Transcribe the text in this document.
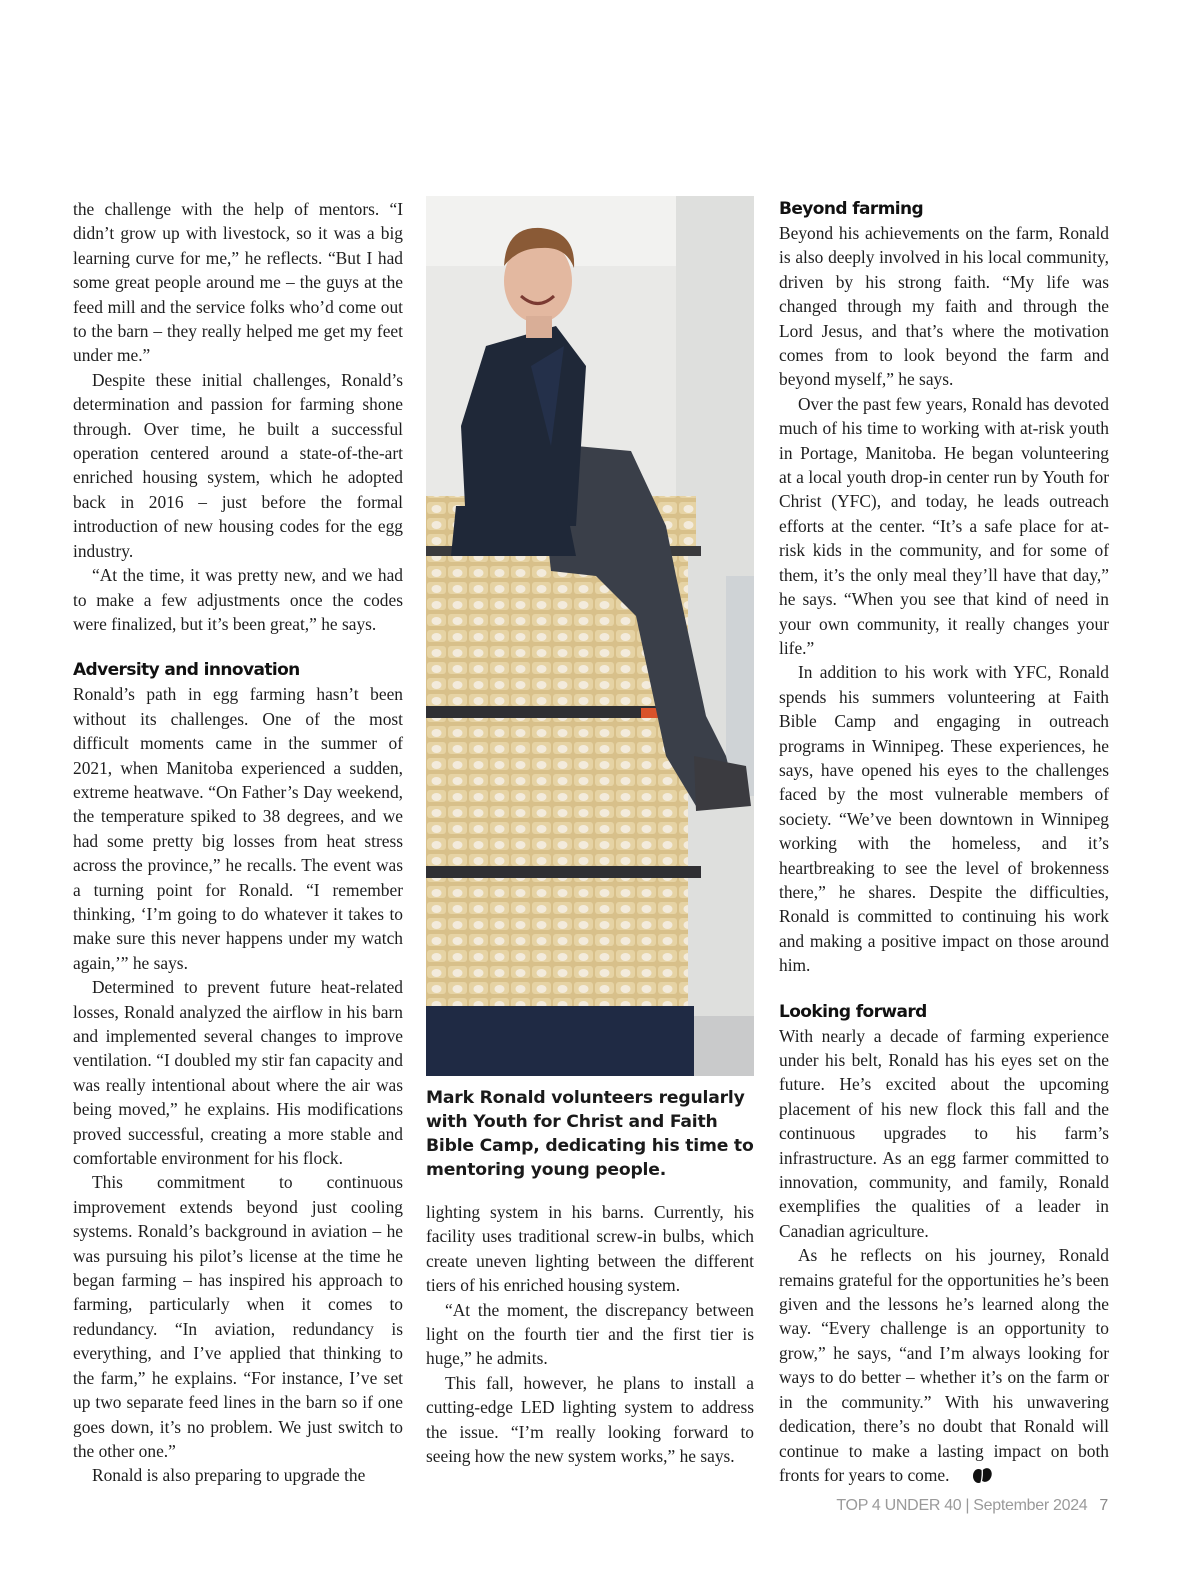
the challenge with the help of mentors. “I didn’t grow up with livestock, so it was a big learning curve for me,” he reflects. “But I had some great people around me – the guys at the feed mill and the service folks who’d come out to the barn – they really helped me get my feet under me.”

Despite these initial challenges, Ronald’s determination and passion for farming shone through. Over time, he built a successful operation centered around a state-of-the-art enriched housing system, which he adopted back in 2016 – just before the formal introduction of new housing codes for the egg industry.

“At the time, it was pretty new, and we had to make a few adjustments once the codes were finalized, but it’s been great,” he says.

Adversity and innovation

Ronald’s path in egg farming hasn’t been without its challenges. One of the most difficult moments came in the summer of 2021, when Manitoba experienced a sudden, extreme heatwave. “On Father’s Day weekend, the temperature spiked to 38 degrees, and we had some pretty big losses from heat stress across the province,” he recalls. The event was a turning point for Ronald. “I remember thinking, ‘I’m going to do whatever it takes to make sure this never happens under my watch again,’” he says.

Determined to prevent future heat-related losses, Ronald analyzed the airflow in his barn and implemented several changes to improve ventilation. “I doubled my stir fan capacity and was really intentional about where the air was being moved,” he explains. His modifications proved successful, creating a more stable and comfortable environment for his flock.

This commitment to continuous improvement extends beyond just cooling systems. Ronald’s background in aviation – he was pursuing his pilot’s license at the time he began farming – has inspired his approach to farming, particularly when it comes to redundancy. “In aviation, redundancy is everything, and I’ve applied that thinking to the farm,” he explains. “For instance, I’ve set up two separate feed lines in the barn so if one goes down, it’s no problem. We just switch to the other one.”

Ronald is also preparing to upgrade the

Mark Ronald volunteers regularly with Youth for Christ and Faith Bible Camp, dedicating his time to mentoring young people.

lighting system in his barns. Currently, his facility uses traditional screw-in bulbs, which create uneven lighting between the different tiers of his enriched housing system.

“At the moment, the discrepancy between light on the fourth tier and the first tier is huge,” he admits.

This fall, however, he plans to install a cutting-edge LED lighting system to address the issue. “I’m really looking forward to seeing how the new system works,” he says.

Beyond farming

Beyond his achievements on the farm, Ronald is also deeply involved in his local community, driven by his strong faith. “My life was changed through my faith and through the Lord Jesus, and that’s where the motivation comes from to look beyond the farm and beyond myself,” he says.

Over the past few years, Ronald has devoted much of his time to working with at-risk youth in Portage, Manitoba. He began volunteering at a local youth drop-in center run by Youth for Christ (YFC), and today, he leads outreach efforts at the center. “It’s a safe place for at-risk kids in the community, and for some of them, it’s the only meal they’ll have that day,” he says. “When you see that kind of need in your own community, it really changes your life.”

In addition to his work with YFC, Ronald spends his summers volunteering at Faith Bible Camp and engaging in outreach programs in Winnipeg. These experiences, he says, have opened his eyes to the challenges faced by the most vulnerable members of society. “We’ve been downtown in Winnipeg working with the homeless, and it’s heartbreaking to see the level of brokenness there,” he shares. Despite the difficulties, Ronald is committed to continuing his work and making a positive impact on those around him.

Looking forward

With nearly a decade of farming experience under his belt, Ronald has his eyes set on the future. He’s excited about the upcoming placement of his new flock this fall and the continuous upgrades to his farm’s infrastructure. As an egg farmer committed to innovation, community, and family, Ronald exemplifies the qualities of a leader in Canadian agriculture.

As he reflects on his journey, Ronald remains grateful for the opportunities he’s been given and the lessons he’s learned along the way. “Every challenge is an opportunity to grow,” he says, “and I’m always looking for ways to do better – whether it’s on the farm or in the community.” With his unwavering dedication, there’s no doubt that Ronald will continue to make a lasting impact on both fronts for years to come.

TOP 4 UNDER 40 | September 2024 7
